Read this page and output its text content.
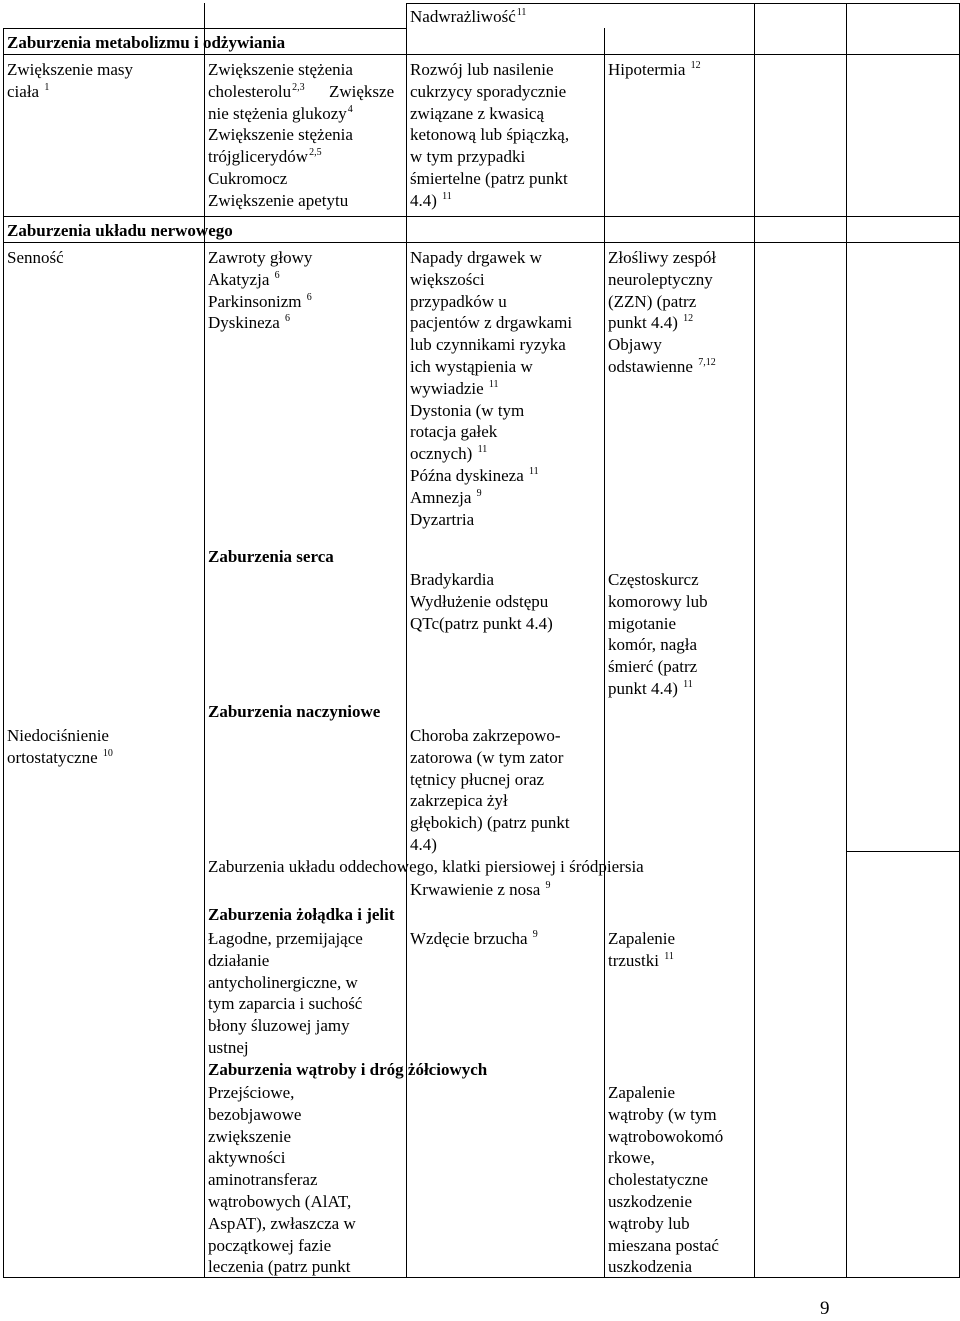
Nadwrażliwość$^{11}$
Zaburzenia metabolizmu i odżywiania
Zaburzenia układu nerwowego
Zaburzenia serca
Zaburzenia naczyniowe
Zaburzenia układu oddechowego, klatki piersiowej i śródpiersia
Zaburzenia żołądka i jelit
Zaburzenia wątroby i dróg żółciowych
Zwiększenie masy
ciała $^1$
Zwiększenie stężenia
cholesterolu$^{2,3}$
nie stężenia glukozy$^4$
Zwiększenie stężenia
trójglicerydów$^{2,5}$
Cukromocz
Zwiększenie apetytu
Zwiększe
Rozwój lub nasilenie
cukrzycy sporadycznie
związane z kwasicą
ketonową lub śpiączką,
w tym przypadki
śmiertelne (patrz punkt
4.4) $^{11}$
Hipotermia $^{12}$
Senność	Zawroty głowy
Akatyzja $^6$
Parkinsonizm $^6$
Dyskineza $^6$
Napady drgawek w
większości
przypadków u
pacjentów z drgawkami
lub czynnikami ryzyka
ich wystąpienia w
wywiadzie $^{11}$
Dystonia (w tym
rotacja gałek
ocznych) $^{11}$
Późna dyskineza $^{11}$
Amnezja $^9$
Dyzartria
Złośliwy zespół
neuroleptyczny
(ZZN) (patrz
punkt 4.4) $^{12}$
Objawy
odstawienne $^{7,12}$
Bradykardia
Wydłużenie odstępu
QTc(patrz punkt 4.4)
Częstoskurcz
komorowy lub
migotanie
komór, nagła
śmierć (patrz
punkt 4.4) $^{11}$
Niedociśnienie
ortostatyczne $^{10}$
Choroba zakrzepowo-
zatorowa (w tym zator
tętnicy płucnej oraz
zakrzepica żył
głębokich) (patrz punkt
4.4)
Krwawienie z nosa $^9$
Łagodne, przemijające
działanie
antycholinergiczne, w
tym zaparcia i suchość
błony śluzowej jamy
ustnej
Wzdęcie brzucha $^9$	Zapalenie
trzustki $^{11}$
Przejściowe,
bezobjawowe
zwiększenie
aktywności
aminotransferaz
wątrobowych (AlAT,
AspAT), zwłaszcza w
początkowej fazie
leczenia (patrz punkt
Zapalenie
wątroby (w tym
wątrobowokomó
rkowe,
cholestatyczne
uszkodzenie
wątroby lub
mieszana postać
uszkodzenia
9
